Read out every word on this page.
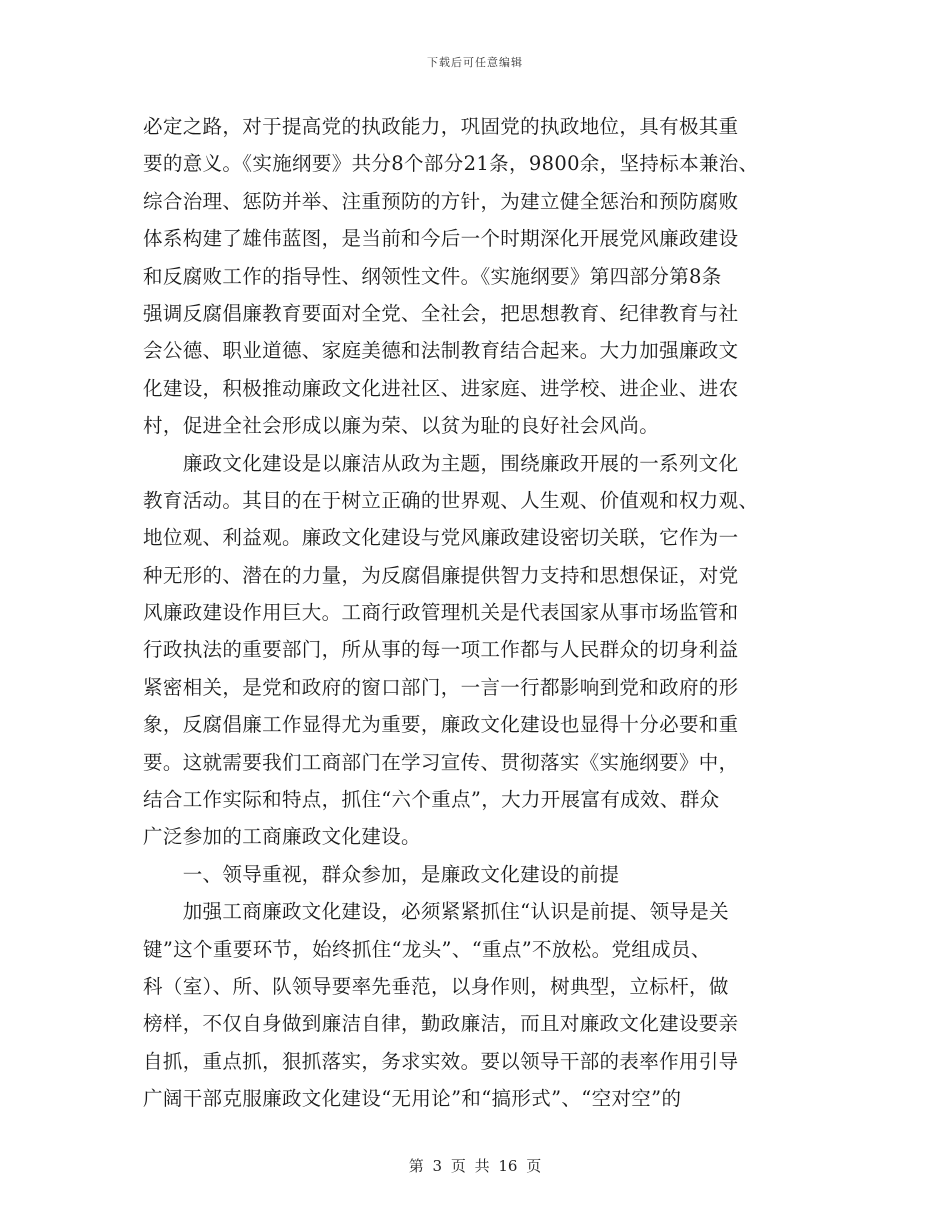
下载后可任意编辑
必定之路，对于提高党的执政能力，巩固党的执政地位，具有极其重
要的意义。《实施纲要》共分8个部分21条，9800余，坚持标本兼治、
综合治理、惩防并举、注重预防的方针，为建立健全惩治和预防腐败
体系构建了雄伟蓝图，是当前和今后一个时期深化开展党风廉政建设
和反腐败工作的指导性、纲领性文件。《实施纲要》第四部分第8条
强调反腐倡廉教育要面对全党、全社会，把思想教育、纪律教育与社
会公德、职业道德、家庭美德和法制教育结合起来。大力加强廉政文
化建设，积极推动廉政文化进社区、进家庭、进学校、进企业、进农
村，促进全社会形成以廉为荣、以贫为耻的良好社会风尚。
　　廉政文化建设是以廉洁从政为主题，围绕廉政开展的一系列文化
教育活动。其目的在于树立正确的世界观、人生观、价值观和权力观、
地位观、利益观。廉政文化建设与党风廉政建设密切关联，它作为一
种无形的、潜在的力量，为反腐倡廉提供智力支持和思想保证，对党
风廉政建设作用巨大。工商行政管理机关是代表国家从事市场监管和
行政执法的重要部门，所从事的每一项工作都与人民群众的切身利益
紧密相关，是党和政府的窗口部门，一言一行都影响到党和政府的形
象，反腐倡廉工作显得尤为重要，廉政文化建设也显得十分必要和重
要。这就需要我们工商部门在学习宣传、贯彻落实《实施纲要》中，
结合工作实际和特点，抓住“六个重点”，大力开展富有成效、群众
广泛参加的工商廉政文化建设。
　　一、领导重视，群众参加，是廉政文化建设的前提
　　加强工商廉政文化建设，必须紧紧抓住“认识是前提、领导是关
键”这个重要环节，始终抓住“龙头”、“重点”不放松。党组成员、
科（室）、所、队领导要率先垂范，以身作则，树典型，立标杆，做
榜样，不仅自身做到廉洁自律，勤政廉洁，而且对廉政文化建设要亲
自抓，重点抓，狠抓落实，务求实效。要以领导干部的表率作用引导
广阔干部克服廉政文化建设“无用论”和“搞形式”、“空对空”的
第 3 页 共 16 页
